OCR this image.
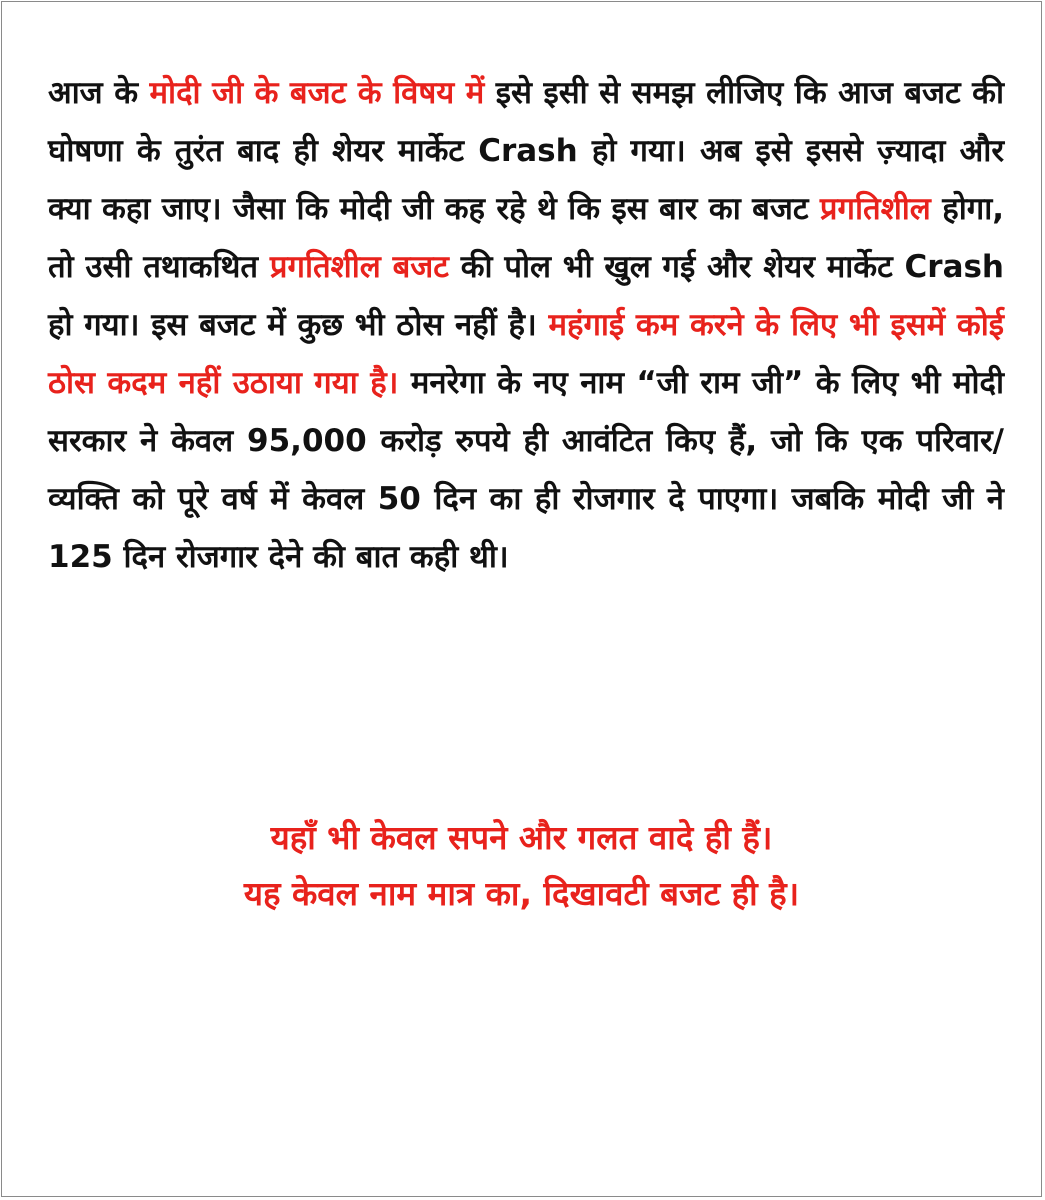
आज के मोदी जी के बजट के विषय में इसे इसी से समझ लीजिए कि आज बजट की घोषणा के तुरंत बाद ही शेयर मार्केट Crash हो गया। अब इसे इससे ज़्यादा और क्या कहा जाए। जैसा कि मोदी जी कह रहे थे कि इस बार का बजट प्रगतिशील होगा, तो उसी तथाकथित प्रगतिशील बजट की पोल भी खुल गई और शेयर मार्केट Crash हो गया। इस बजट में कुछ भी ठोस नहीं है। महंगाई कम करने के लिए भी इसमें कोई ठोस कदम नहीं उठाया गया है। मनरेगा के नए नाम “जी राम जी” के लिए भी मोदी सरकार ने केवल 95,000 करोड़ रुपये ही आवंटित किए हैं, जो कि एक परिवार/व्यक्ति को पूरे वर्ष में केवल 50 दिन का ही रोजगार दे पाएगा। जबकि मोदी जी ने 125 दिन रोजगार देने की बात कही थी।

यहाँ भी केवल सपने और गलत वादे ही हैं।
यह केवल नाम मात्र का, दिखावटी बजट ही है।
